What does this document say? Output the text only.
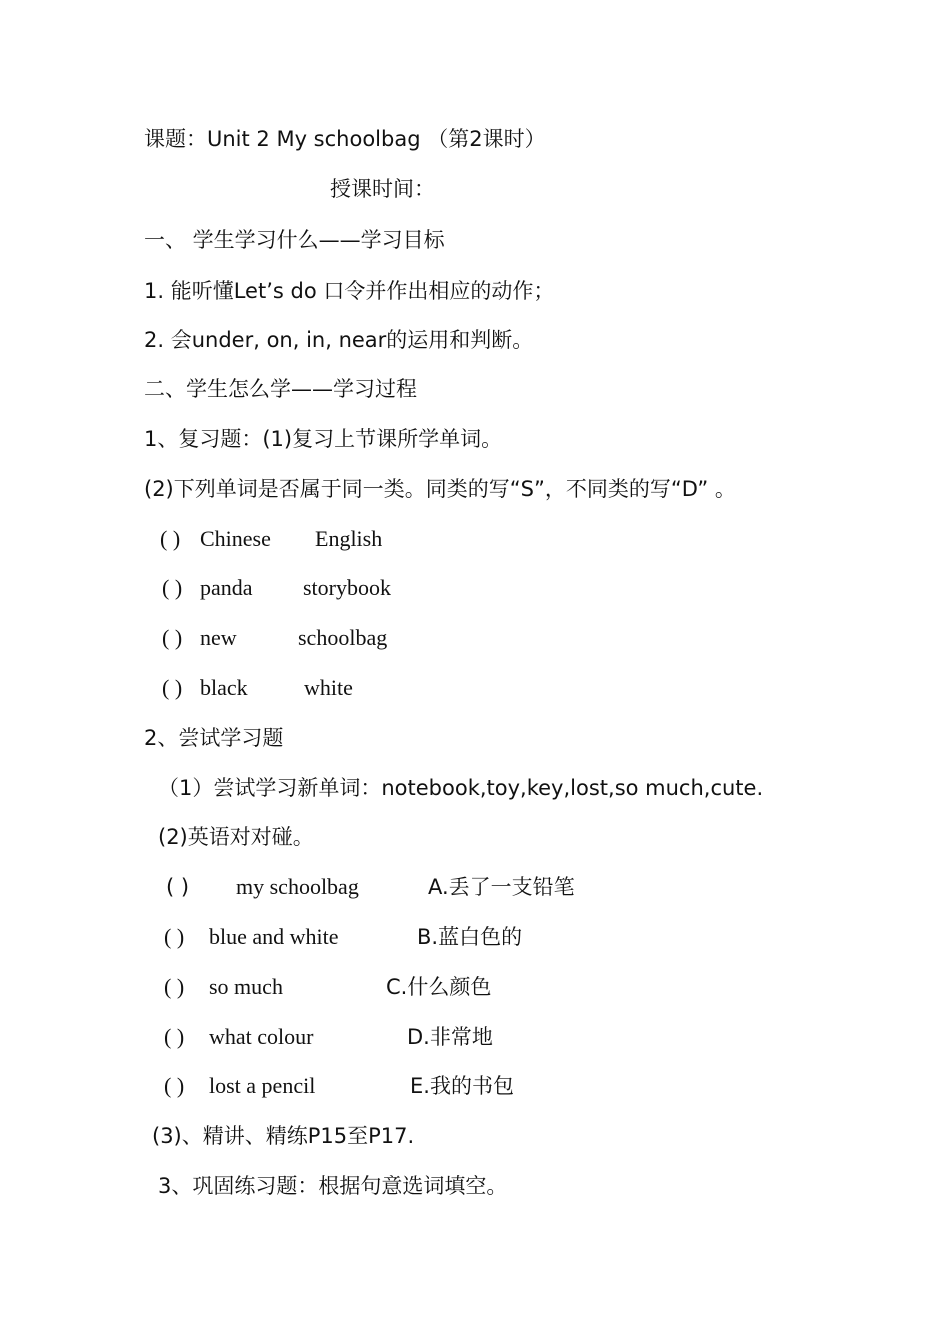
课题：Unit 2 My schoolbag （第2课时）
授课时间：
一、 学生学习什么——学习目标
1. 能听懂Let’s do 口令并作出相应的动作；
2. 会under, on, in, near的运用和判断。
二、学生怎么学——学习过程
1、复习题：(1)复习上节课所学单词。
(2)下列单词是否属于同一类。同类的写“S”，不同类的写“D” 。
( ) Chinese English
( ) panda storybook
( ) new	schoolbag
( ) black	white
2、尝试学习题
（1）尝试学习新单词：notebook,toy,key,lost,so much,cute.
(2)英语对对碰。
( ) my schoolbag	A.丢了一支铅笔
( ) blue and white	B.蓝白色的
( ) so much	C.什么颜色
( ) what colour	D.非常地
( ) lost a pencil	E.我的书包
(3)、精讲、精练P15至P17.
3、巩固练习题：根据句意选词填空。
